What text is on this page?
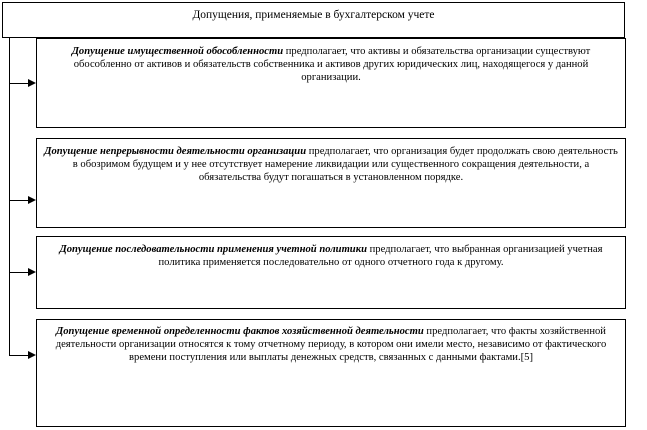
Допущения, применяемые в бухгалтерском учете
Допущение имущественной обособленности предполагает, что активы и обязательства организации существуют обособленно от активов и обязательств собственника и активов других юридических лиц, находящегося у данной организации.
Допущение непрерывности деятельности организации предполагает, что организация будет продолжать свою деятельность в обозримом будущем и у нее отсутствует намерение ликвидации или существенного сокращения деятельности, а обязательства будут погашаться в установленном порядке.
Допущение последовательности применения учетной политики предполагает, что выбранная организацией учетная политика применяется последовательно от одного отчетного года к другому.
Допущение временной определенности фактов хозяйственной деятельности предполагает, что факты хозяйственной деятельности организации относятся к тому отчетному периоду, в котором они имели место, независимо от фактического времени поступления или выплаты денежных средств, связанных с данными фактами.[5]
